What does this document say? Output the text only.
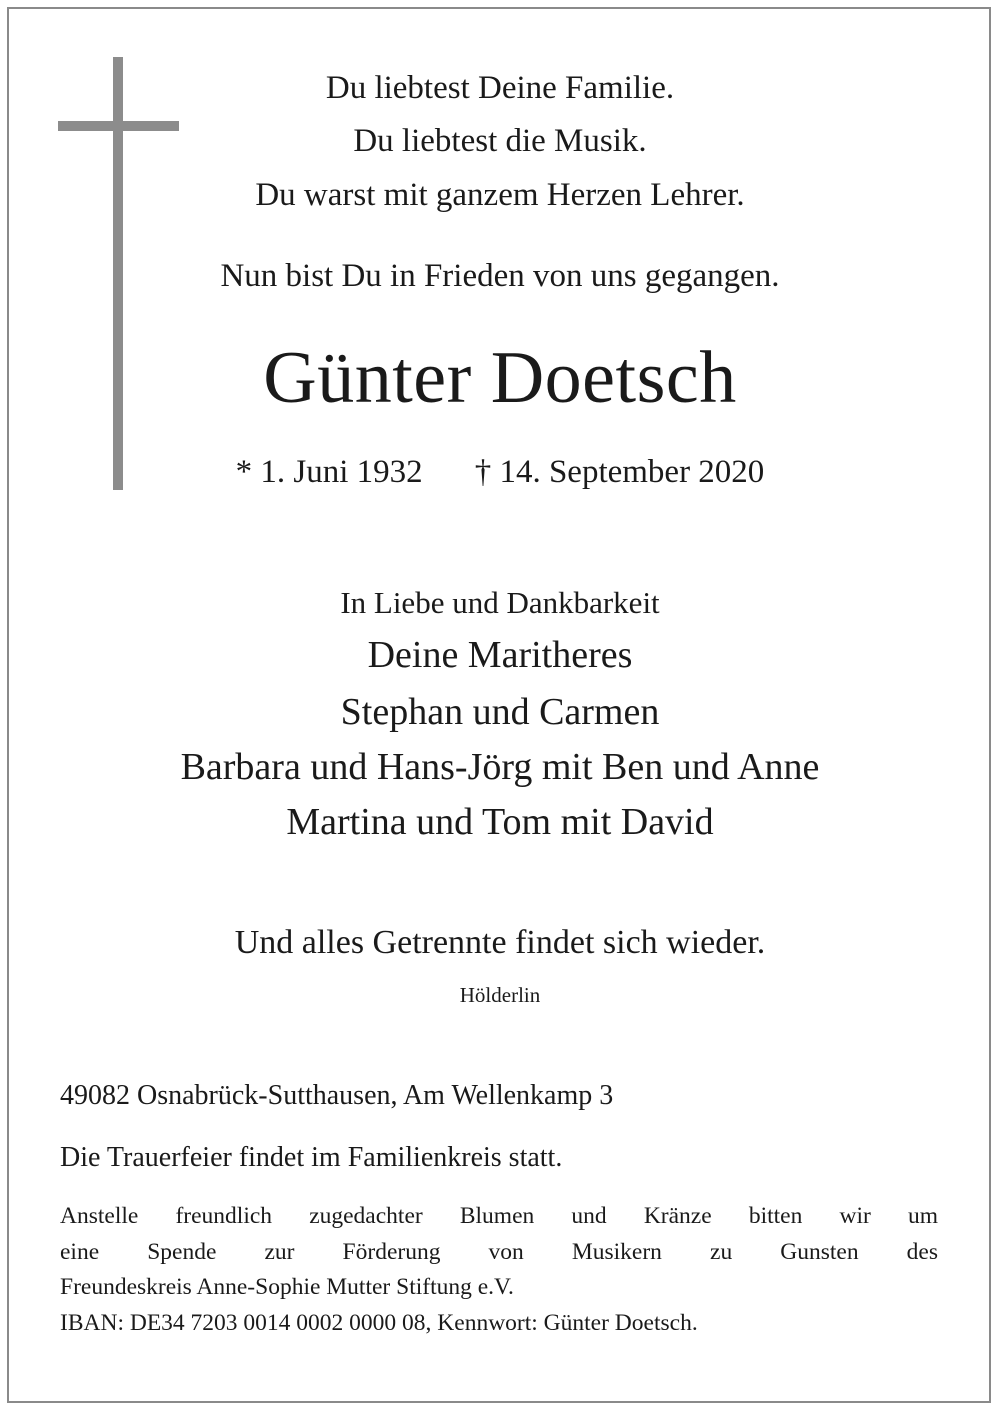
Du liebtest Deine Familie.
Du liebtest die Musik.
Du warst mit ganzem Herzen Lehrer.
Nun bist Du in Frieden von uns gegangen.
Günter Doetsch
* 1. Juni 1932 † 14. September 2020
In Liebe und Dankbarkeit
Deine Maritheres
Stephan und Carmen
Barbara und Hans-Jörg mit Ben und Anne
Martina und Tom mit David
Und alles Getrennte findet sich wieder.
Hölderlin
49082 Osnabrück-Sutthausen, Am Wellenkamp 3
Die Trauerfeier findet im Familienkreis statt.
Anstelle freundlich zugedachter Blumen und Kränze bitten wir um
eine Spende zur Förderung von Musikern zu Gunsten des
Freundeskreis Anne-Sophie Mutter Stiftung e.V.
IBAN: DE34 7203 0014 0002 0000 08, Kennwort: Günter Doetsch.
